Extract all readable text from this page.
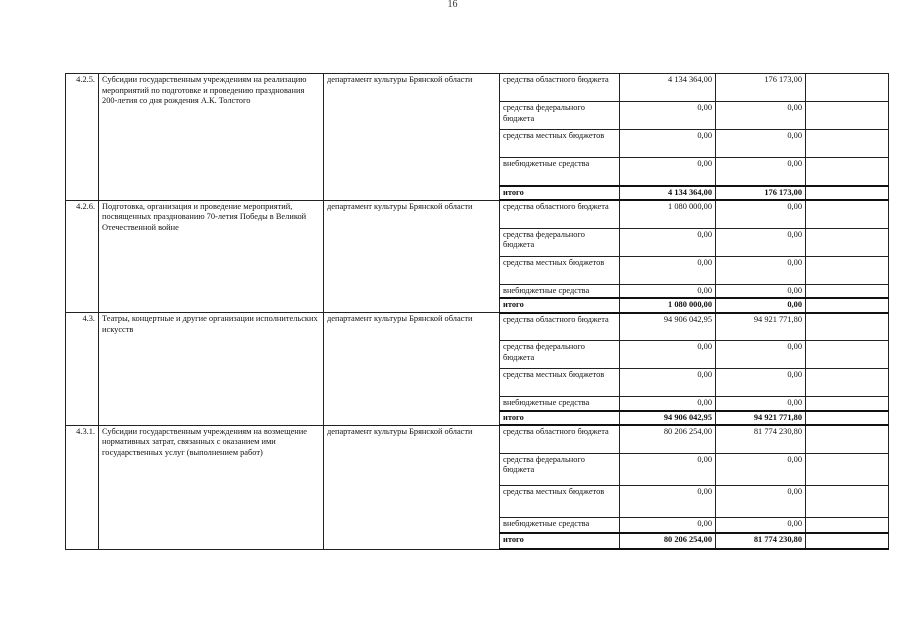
16
4.2.5.	Субсидии государственным учреждениям на реализацию мероприятий по подготовке и проведению празднования 200-летия со дня рождения А.К. Толстого	департамент культуры Брянской области	средства областного бюджета	4 134 364,00	176 173,00	
			средства федерального бюджета	0,00	0,00	
			средства местных бюджетов	0,00	0,00	
			внебюджетные средства	0,00	0,00	
			итого	4 134 364,00	176 173,00	
4.2.6.	Подготовка, организация и проведение мероприятий, посвященных празднованию 70-летия Победы в Великой Отечественной войне	департамент культуры Брянской области	средства областного бюджета	1 080 000,00	0,00	
			средства федерального бюджета	0,00	0,00	
			средства местных бюджетов	0,00	0,00	
			внебюджетные средства	0,00	0,00	
			итого	1 080 000,00	0,00	
4.3.	Театры, концертные и другие организации исполнительских искусств	департамент культуры Брянской области	средства областного бюджета	94 906 042,95	94 921 771,80	
			средства федерального бюджета	0,00	0,00	
			средства местных бюджетов	0,00	0,00	
			внебюджетные средства	0,00	0,00	
			итого	94 906 042,95	94 921 771,80	
4.3.1.	Субсидии государственным учреждениям на возмещение нормативных затрат, связанных с оказанием ими государственных услуг (выполнением работ)	департамент культуры Брянской области	средства областного бюджета	80 206 254,00	81 774 230,80	
			средства федерального бюджета	0,00	0,00	
			средства местных бюджетов	0,00	0,00	
			внебюджетные средства	0,00	0,00	
			итого	80 206 254,00	81 774 230,80	
